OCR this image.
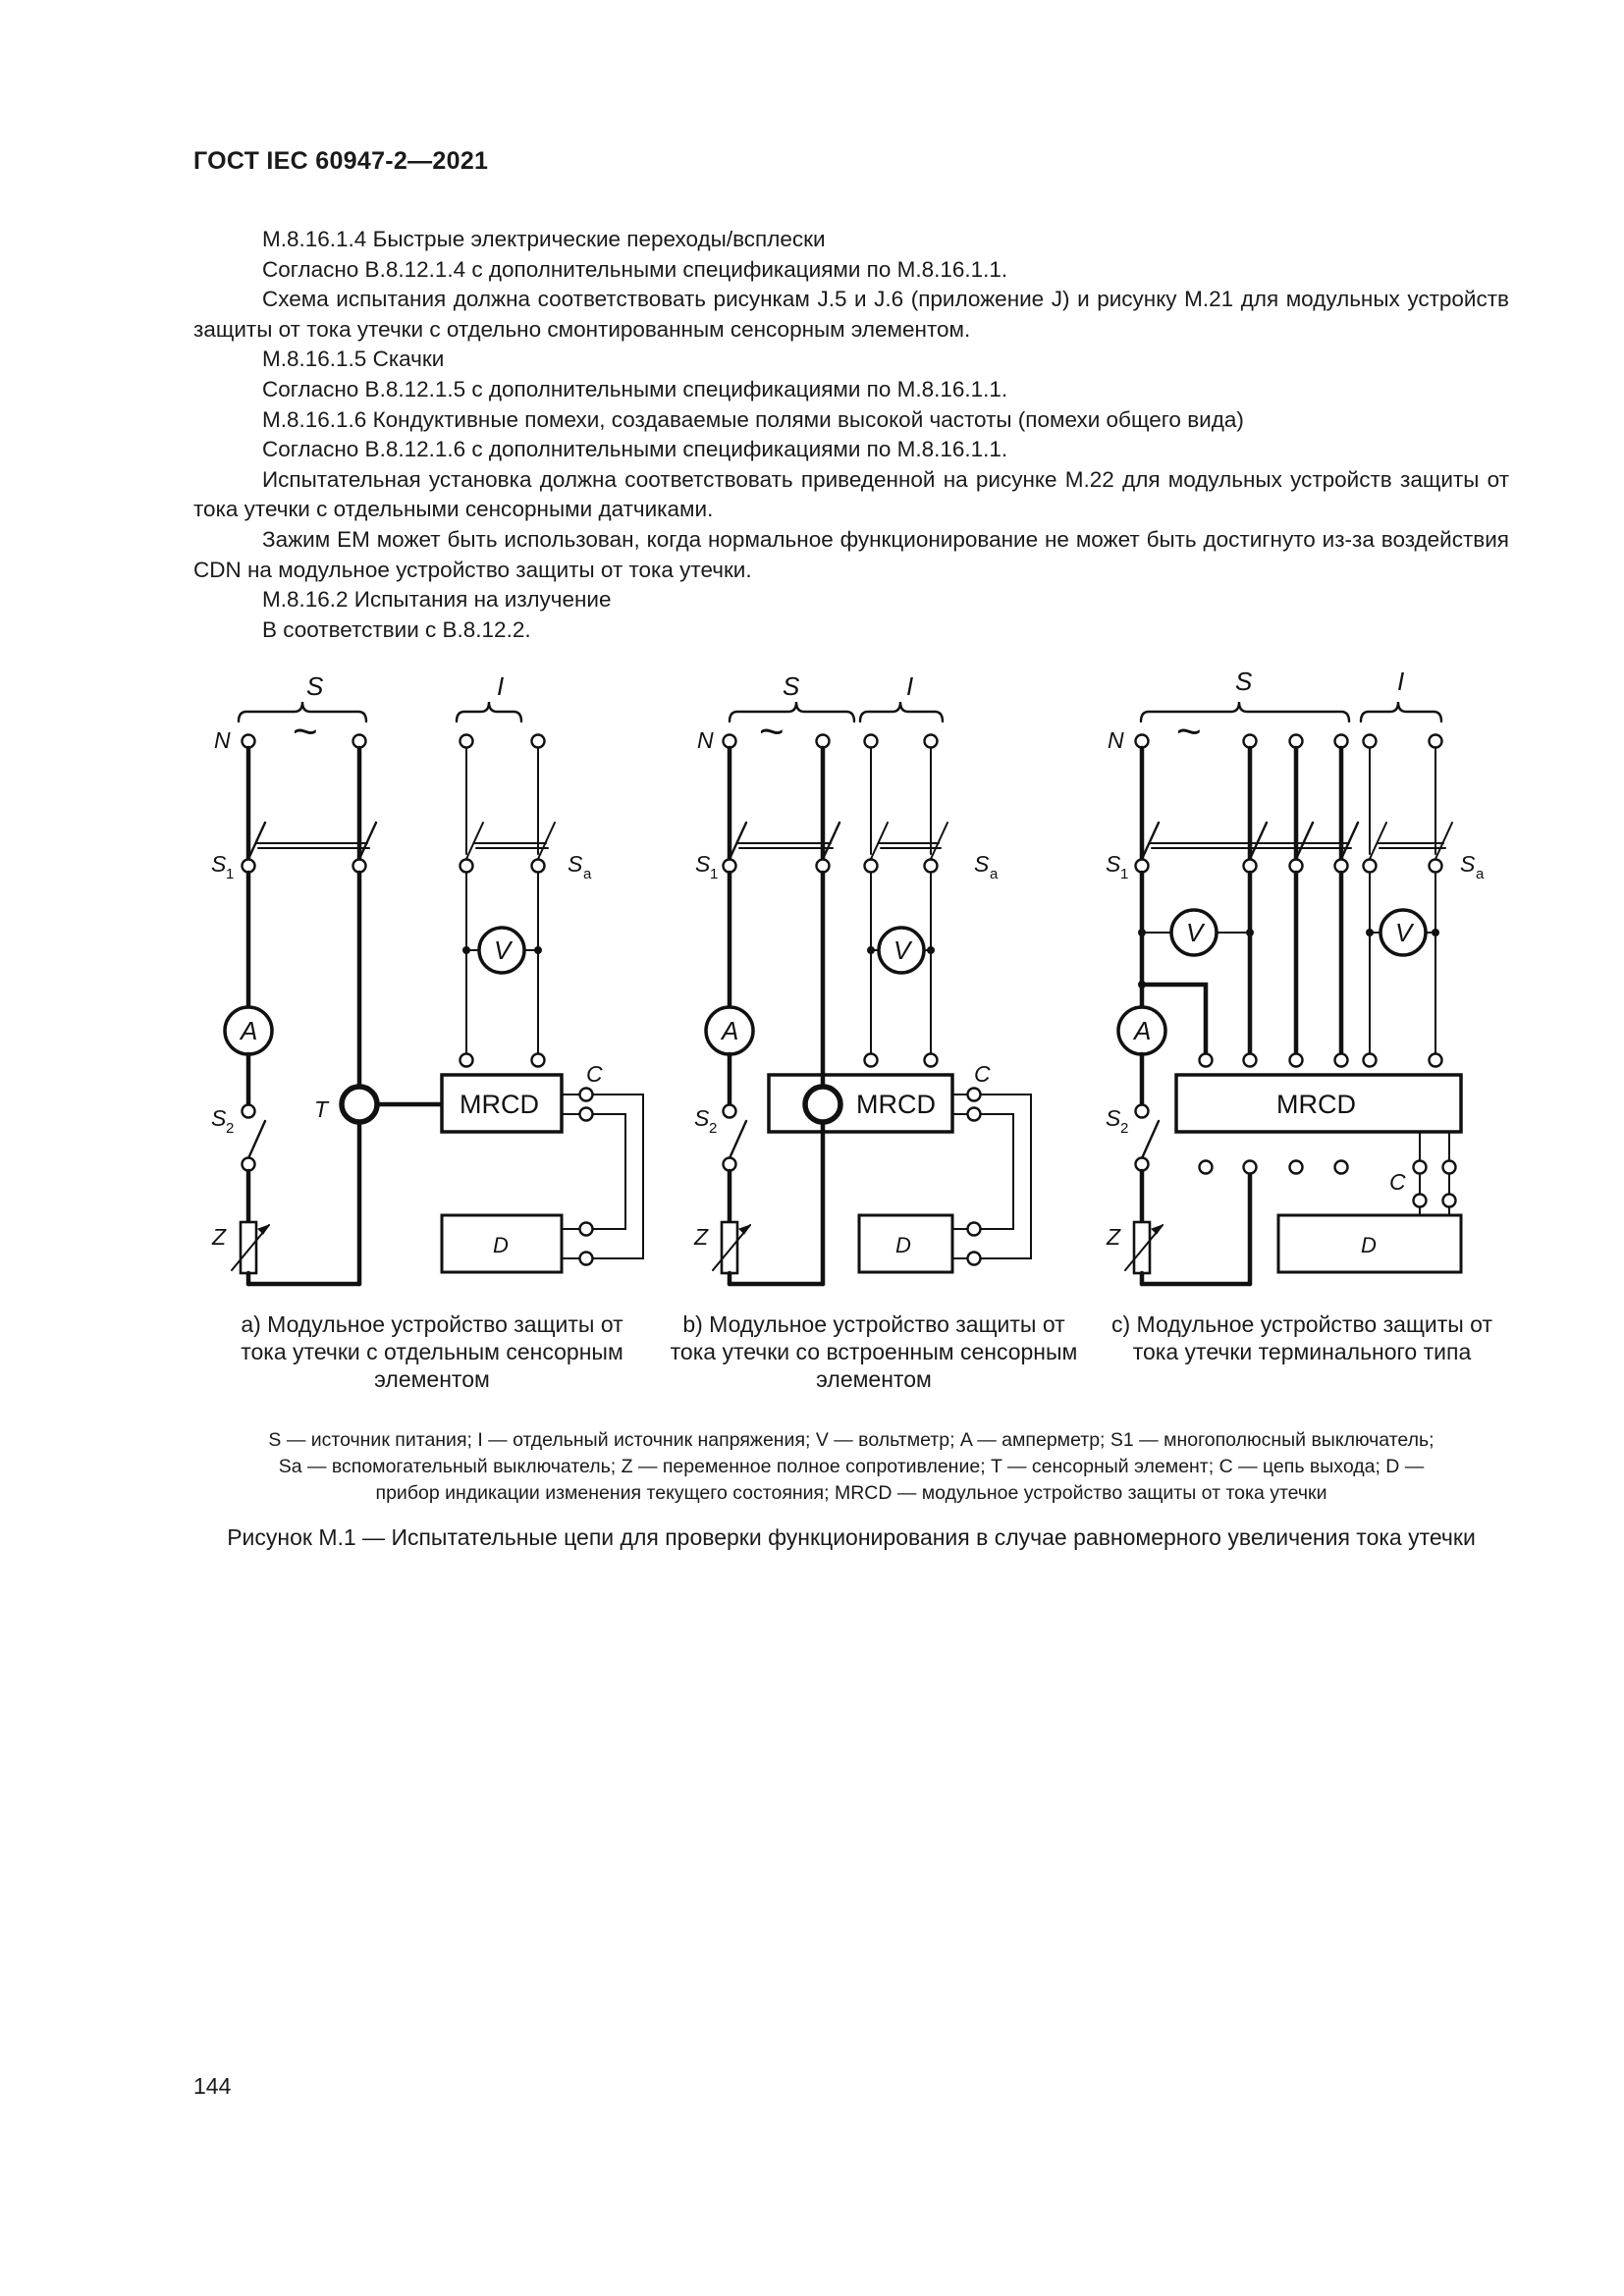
ГОСТ IEC 60947-2—2021

М.8.16.1.4 Быстрые электрические переходы/всплески

Согласно В.8.12.1.4 с дополнительными спецификациями по М.8.16.1.1.

Схема испытания должна соответствовать рисункам J.5 и J.6 (приложение J) и рисунку М.21 для модульных устройств защиты от тока утечки с отдельно смонтированным сенсорным элементом.

М.8.16.1.5 Скачки

Согласно В.8.12.1.5 с дополнительными спецификациями по М.8.16.1.1.

М.8.16.1.6 Кондуктивные помехи, создаваемые полями высокой частоты (помехи общего вида)

Согласно В.8.12.1.6 с дополнительными спецификациями по М.8.16.1.1.

Испытательная установка должна соответствовать приведенной на рисунке М.22 для модульных устройств защиты от тока утечки с отдельными сенсорными датчиками.

Зажим ЕМ может быть использован, когда нормальное функционирование не может быть достигнуто из-за воздействия CDN на модульное устройство защиты от тока утечки.

М.8.16.2 Испытания на излучение

В соответствии с В.8.12.2.

S	I
N ~
S 1	S a
A
S 2
Z
T
V
MRCD
C
D
S	I
N ~
S 1	S a
A
S 2
Z
V
MRCD
C
D
S	I
N ~
S 1	S a
V
A
S 2
Z
V
MRCD
C
D
а) Модульное устройство защиты от тока утечки с отдельным сенсорным элементом
b) Модульное устройство защиты от тока утечки со встроенным сенсорным элементом
с) Модульное устройство защиты от тока утечки терминального типа

S — источник питания; I — отдельный источник напряжения; V — вольтметр; A — амперметр; S1 — многополюсный выключатель;

Sa — вспомогательный выключатель; Z — переменное полное сопротивление; T — сенсорный элемент; C — цепь выхода; D —

прибор индикации изменения текущего состояния; MRCD — модульное устройство защиты от тока утечки

Рисунок М.1 — Испытательные цепи для проверки функционирования в случае равномерного увеличения тока утечки
144
